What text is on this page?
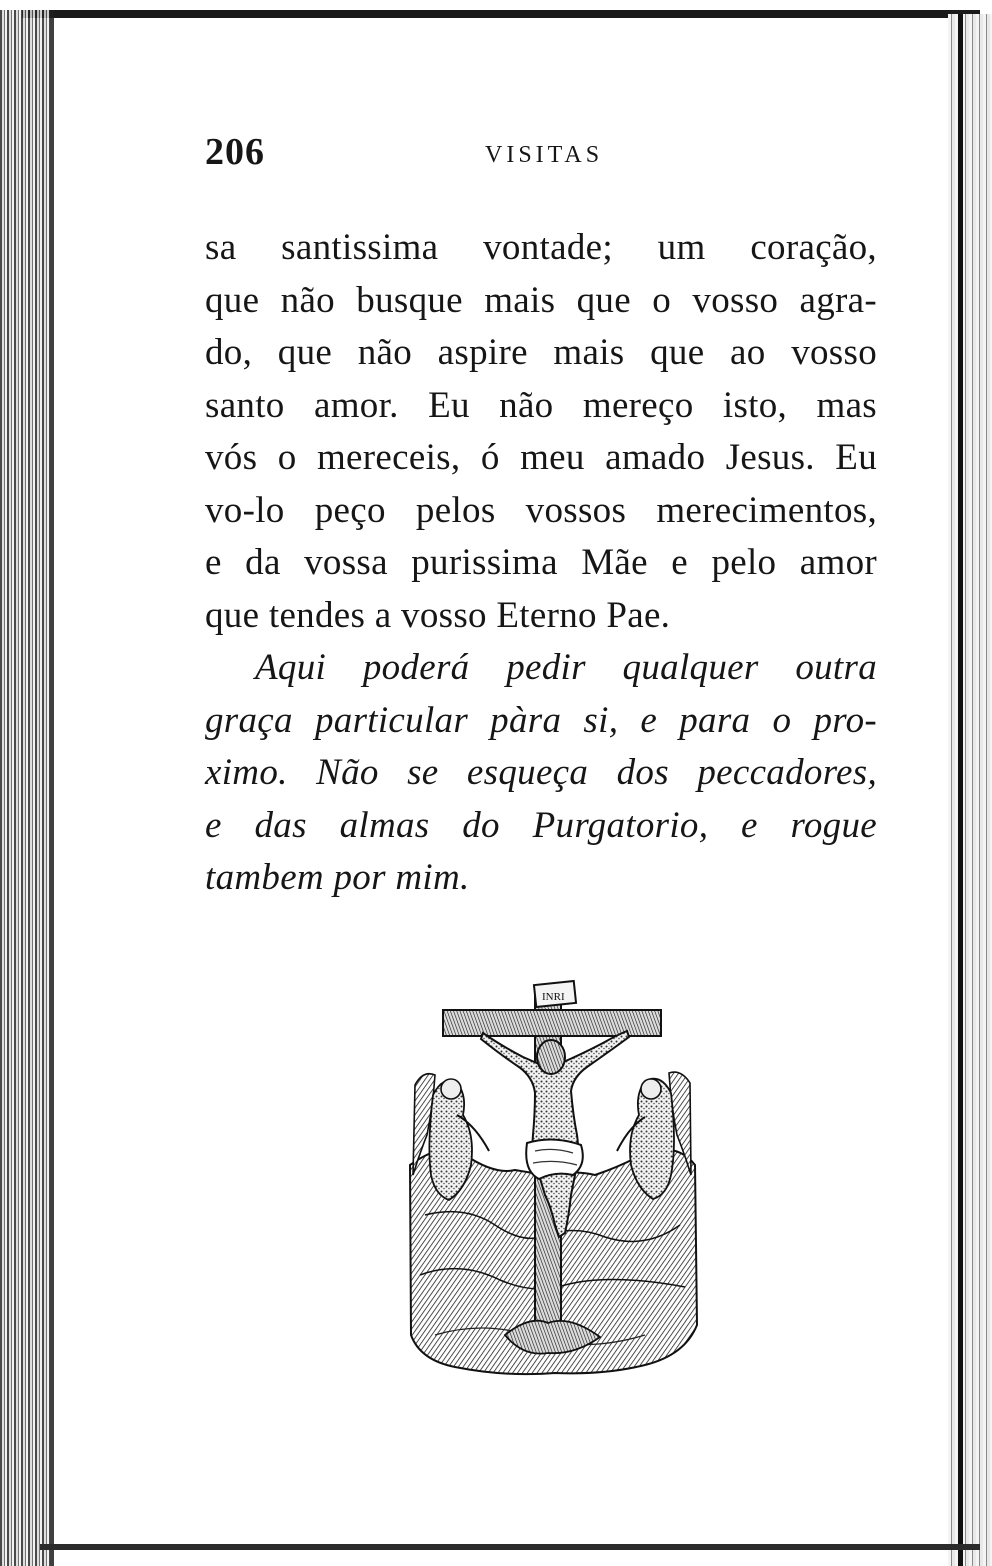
206	VISITAS
sa santissima vontade; um coração,
que não busque mais que o vosso agra-
do, que não aspire mais que ao vosso
santo amor. Eu não mereço isto, mas
vós o mereceis, ó meu amado Jesus. Eu
vo-lo peço pelos vossos merecimentos,
e da vossa purissima Mãe e pelo amor
que tendes a vosso Eterno Pae.
Aqui poderá pedir qualquer outra
graça particular pàra si, e para o pro-
ximo. Não se esqueça dos peccadores,
e das almas do Purgatorio, e rogue
tambem por mim.
INRI
